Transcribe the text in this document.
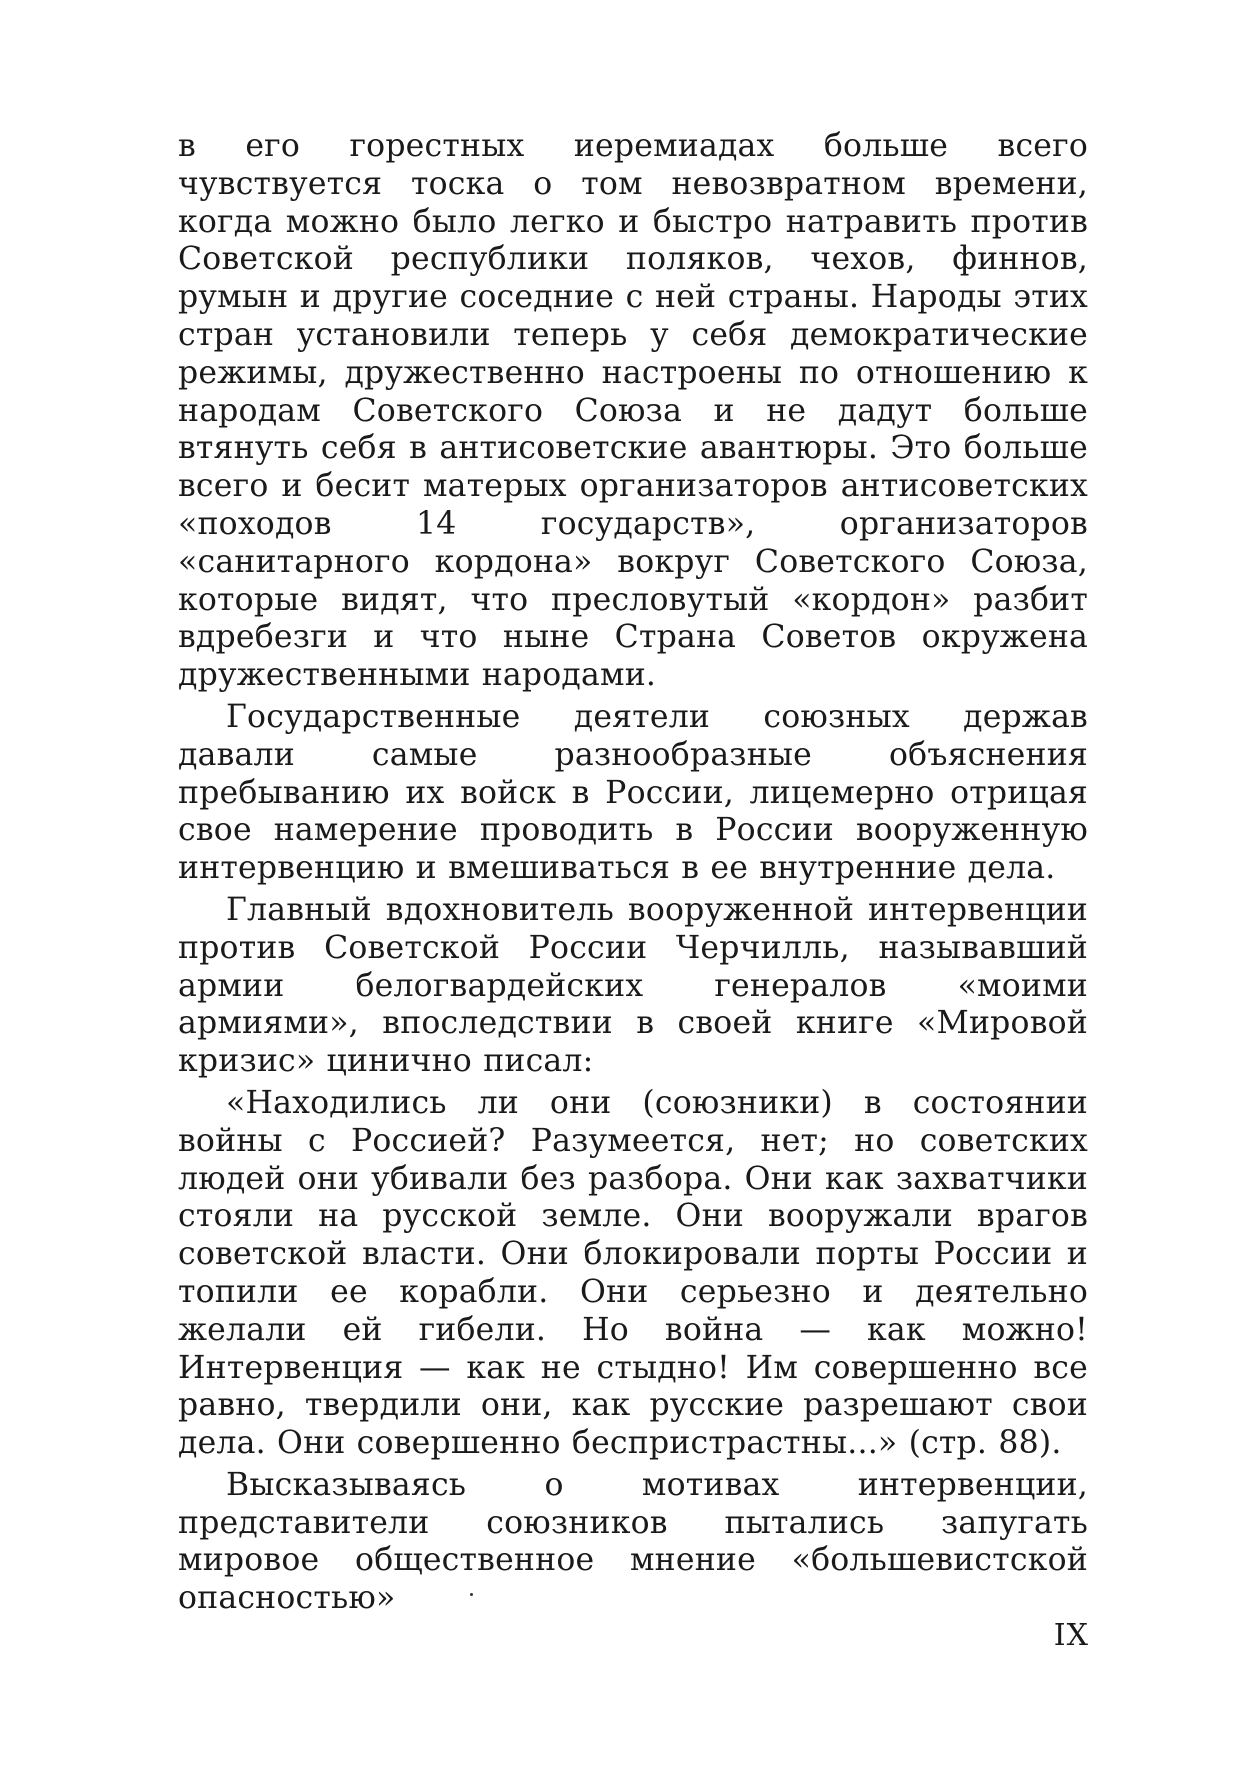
в его горестных иеремиадах больше всего чувствуется тоска о том невозвратном времени, когда можно было легко и быстро натравить против Советской республики поляков, чехов, финнов, румын и другие соседние с ней страны. Народы этих стран установили теперь у себя демократические режимы, дружественно настроены по отношению к народам Советского Союза и не дадут больше втянуть себя в антисоветские авантюры. Это больше всего и бесит матерых организаторов антисоветских «походов 14 государств», организаторов «санитарного кордона» вокруг Советского Союза, которые видят, что пресловутый «кордон» разбит вдребезги и что ныне Страна Советов окружена дружественными народами.

Государственные деятели союзных держав давали самые разнообразные объяснения пребыванию их войск в России, лицемерно отрицая свое намерение проводить в России вооруженную интервенцию и вмешиваться в ее внутренние дела.

Главный вдохновитель вооруженной интервенции против Советской России Черчилль, называвший армии белогвардейских генералов «моими армиями», впоследствии в своей книге «Мировой кризис» цинично писал:

«Находились ли они (союзники) в состоянии войны с Россией? Разумеется, нет; но советских людей они убивали без разбора. Они как захватчики стояли на русской земле. Они вооружали врагов советской власти. Они блокировали порты России и топили ее корабли. Они серьезно и деятельно желали ей гибели. Но война — как можно! Интервенция — как не стыдно! Им совершенно все равно, твердили они, как русские разрешают свои дела. Они совершенно беспристрастны...» (стр. 88).

Высказываясь о мотивах интервенции, представители союзников пытались запугать мировое общественное мнение «большевистской опасностью»

IX
